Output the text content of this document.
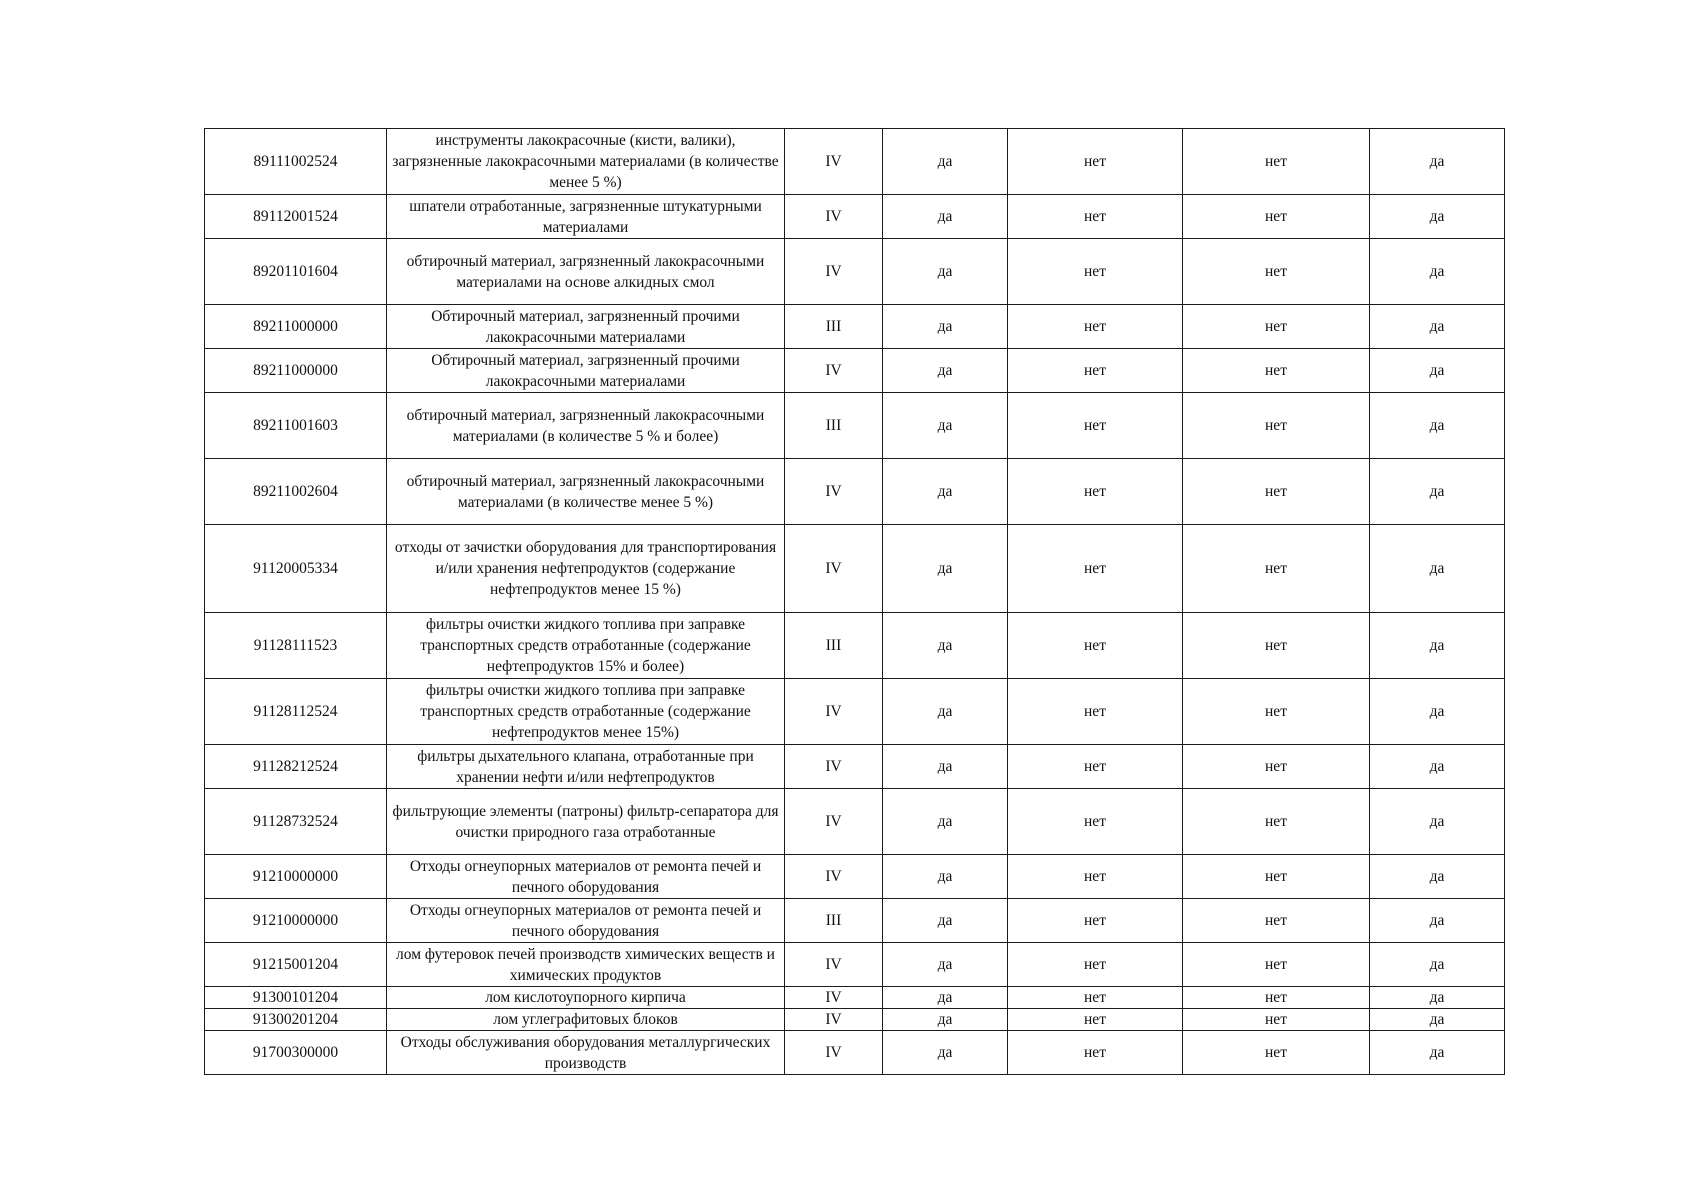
89111002524	инструменты лакокрасочные (кисти, валики), загрязненные лакокрасочными материалами (в количестве менее 5 %)	IV	да	нет	нет	да
89112001524	шпатели отработанные, загрязненные штукатурными материалами	IV	да	нет	нет	да
89201101604	обтирочный материал, загрязненный лакокрасочными материалами на основе алкидных смол	IV	да	нет	нет	да
89211000000	Обтирочный материал, загрязненный прочими лакокрасочными материалами	III	да	нет	нет	да
89211000000	Обтирочный материал, загрязненный прочими лакокрасочными материалами	IV	да	нет	нет	да
89211001603	обтирочный материал, загрязненный лакокрасочными материалами (в количестве 5 % и более)	III	да	нет	нет	да
89211002604	обтирочный материал, загрязненный лакокрасочными материалами (в количестве менее 5 %)	IV	да	нет	нет	да
91120005334	отходы от зачистки оборудования для транспортирования и/или хранения нефтепродуктов (содержание нефтепродуктов менее 15 %)	IV	да	нет	нет	да
91128111523	фильтры очистки жидкого топлива при заправке транспортных средств отработанные (содержание нефтепродуктов 15% и более)	III	да	нет	нет	да
91128112524	фильтры очистки жидкого топлива при заправке транспортных средств отработанные (содержание нефтепродуктов менее 15%)	IV	да	нет	нет	да
91128212524	фильтры дыхательного клапана, отработанные при хранении нефти и/или нефтепродуктов	IV	да	нет	нет	да
91128732524	фильтрующие элементы (патроны) фильтр-сепаратора для очистки природного газа отработанные	IV	да	нет	нет	да
91210000000	Отходы огнеупорных материалов от ремонта печей и печного оборудования	IV	да	нет	нет	да
91210000000	Отходы огнеупорных материалов от ремонта печей и печного оборудования	III	да	нет	нет	да
91215001204	лом футеровок печей производств химических веществ и химических продуктов	IV	да	нет	нет	да
91300101204	лом кислотоупорного кирпича	IV	да	нет	нет	да
91300201204	лом углеграфитовых блоков	IV	да	нет	нет	да
91700300000	Отходы обслуживания оборудования металлургических производств	IV	да	нет	нет	да
